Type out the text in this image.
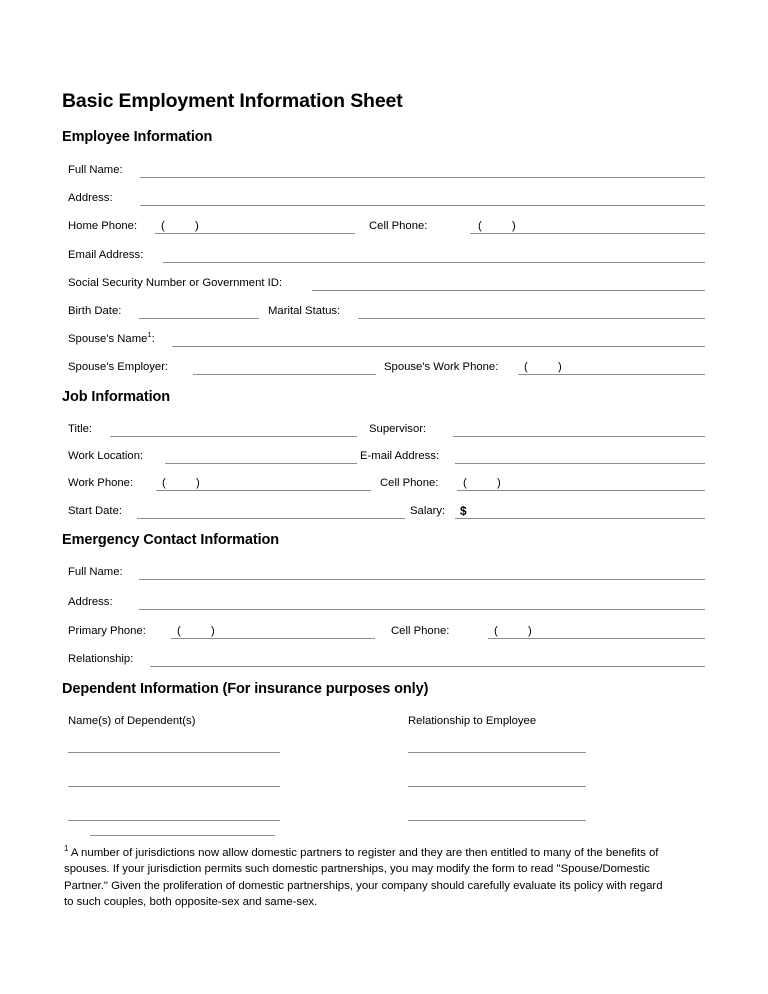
Basic Employment Information Sheet
Employee Information
Full Name:
Address:
Home Phone: (	)	Cell Phone:	(	)
Email Address:
Social Security Number or Government ID:
Birth Date:	Marital Status:
Spouse's Name$^1$:
Spouse's Employer:	Spouse's Work Phone: (	)
Job Information
Title:	Supervisor:
Work Location:	E-mail Address:
Work Phone:	(	)	Cell Phone: (	)
Start Date:	Salary: $
Emergency Contact Information
Full Name:
Address:
Primary Phone:	(	)	Cell Phone:	(	)
Relationship:
Dependent Information (For insurance purposes only)
Name(s) of Dependent(s)	Relationship to Employee
$^1$ A number of jurisdictions now allow domestic partners to register and they are then entitled to many of the benefits of spouses. If your jurisdiction permits such domestic partnerships, you may modify the form to read "Spouse/Domestic Partner." Given the proliferation of domestic partnerships, your company should carefully evaluate its policy with regard to such couples, both opposite-sex and same-sex.
